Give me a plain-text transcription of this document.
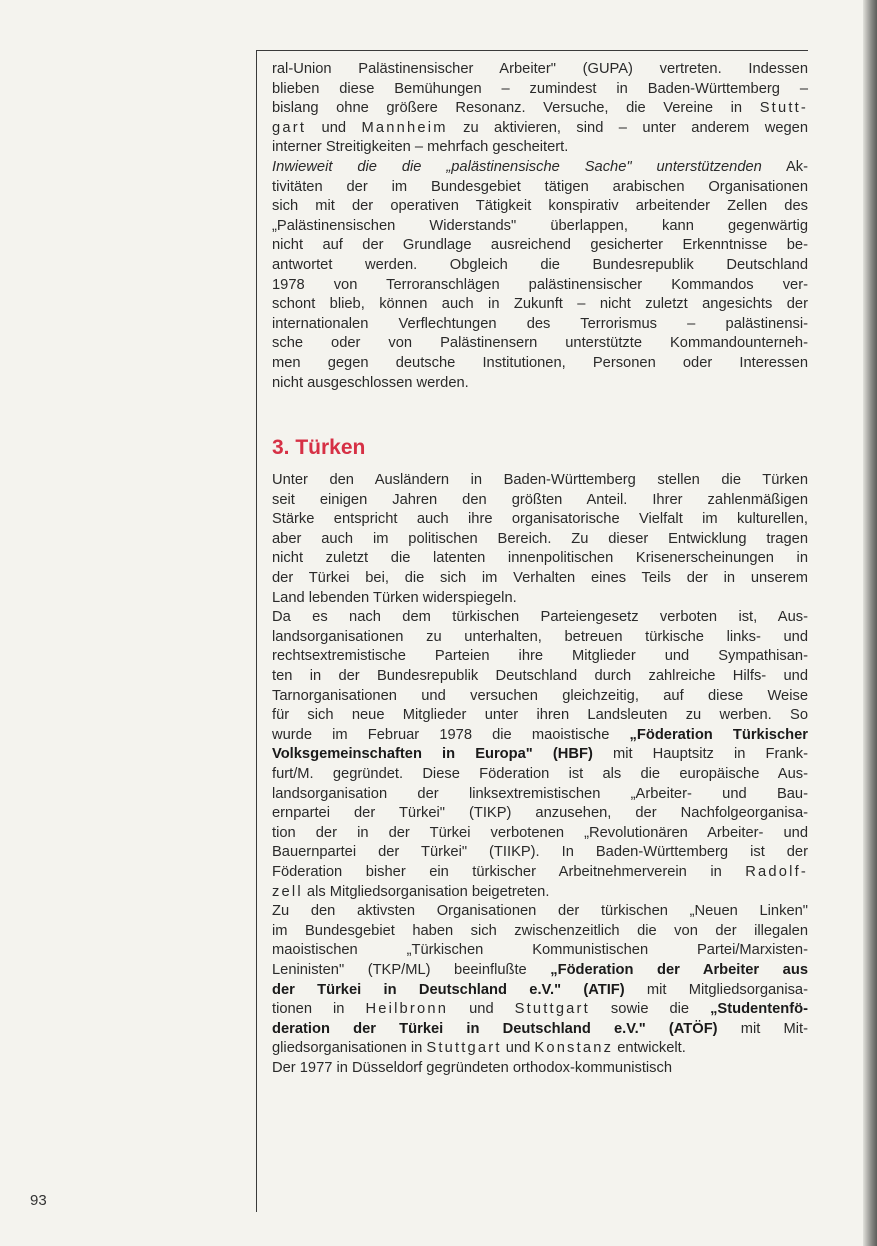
ral-Union Palästinensischer Arbeiter" (GUPA) vertreten. Indessen
blieben diese Bemühungen – zumindest in Baden-Württemberg –
bislang ohne größere Resonanz. Versuche, die Vereine in Stutt-
gart und Mannheim zu aktivieren, sind – unter anderem wegen
interner Streitigkeiten – mehrfach gescheitert.

Inwieweit die die „palästinensische Sache" unterstützenden Ak-
tivitäten der im Bundesgebiet tätigen arabischen Organisationen
sich mit der operativen Tätigkeit konspirativ arbeitender Zellen des
„Palästinensischen Widerstands" überlappen, kann gegenwärtig
nicht auf der Grundlage ausreichend gesicherter Erkenntnisse be-
antwortet werden. Obgleich die Bundesrepublik Deutschland
1978 von Terroranschlägen palästinensischer Kommandos ver-
schont blieb, können auch in Zukunft – nicht zuletzt angesichts der
internationalen Verflechtungen des Terrorismus – palästinensi-
sche oder von Palästinensern unterstützte Kommandounterneh-
men gegen deutsche Institutionen, Personen oder Interessen
nicht ausgeschlossen werden.

3. Türken

Unter den Ausländern in Baden-Württemberg stellen die Türken
seit einigen Jahren den größten Anteil. Ihrer zahlenmäßigen
Stärke entspricht auch ihre organisatorische Vielfalt im kulturellen,
aber auch im politischen Bereich. Zu dieser Entwicklung tragen
nicht zuletzt die latenten innenpolitischen Krisenerscheinungen in
der Türkei bei, die sich im Verhalten eines Teils der in unserem
Land lebenden Türken widerspiegeln.

Da es nach dem türkischen Parteiengesetz verboten ist, Aus-
landsorganisationen zu unterhalten, betreuen türkische links- und
rechtsextremistische Parteien ihre Mitglieder und Sympathisan-
ten in der Bundesrepublik Deutschland durch zahlreiche Hilfs- und
Tarnorganisationen und versuchen gleichzeitig, auf diese Weise
für sich neue Mitglieder unter ihren Landsleuten zu werben. So
wurde im Februar 1978 die maoistische „Föderation Türkischer
Volksgemeinschaften in Europa" (HBF) mit Hauptsitz in Frank-
furt/M. gegründet. Diese Föderation ist als die europäische Aus-
landsorganisation der linksextremistischen „Arbeiter- und Bau-
ernpartei der Türkei" (TIKP) anzusehen, der Nachfolgeorganisa-
tion der in der Türkei verbotenen „Revolutionären Arbeiter- und
Bauernpartei der Türkei" (TIIKP). In Baden-Württemberg ist der
Föderation bisher ein türkischer Arbeitnehmerverein in Radolf-
zell als Mitgliedsorganisation beigetreten.

Zu den aktivsten Organisationen der türkischen „Neuen Linken"
im Bundesgebiet haben sich zwischenzeitlich die von der illegalen
maoistischen „Türkischen Kommunistischen Partei/Marxisten-
Leninisten" (TKP/ML) beeinflußte „Föderation der Arbeiter aus
der Türkei in Deutschland e.V." (ATIF) mit Mitgliedsorganisa-
tionen in Heilbronn und Stuttgart sowie die „Studentenfö-
deration der Türkei in Deutschland e.V." (ATÖF) mit Mit-
gliedsorganisationen in Stuttgart und Konstanz entwickelt.

Der 1977 in Düsseldorf gegründeten orthodox-kommunistisch

93
